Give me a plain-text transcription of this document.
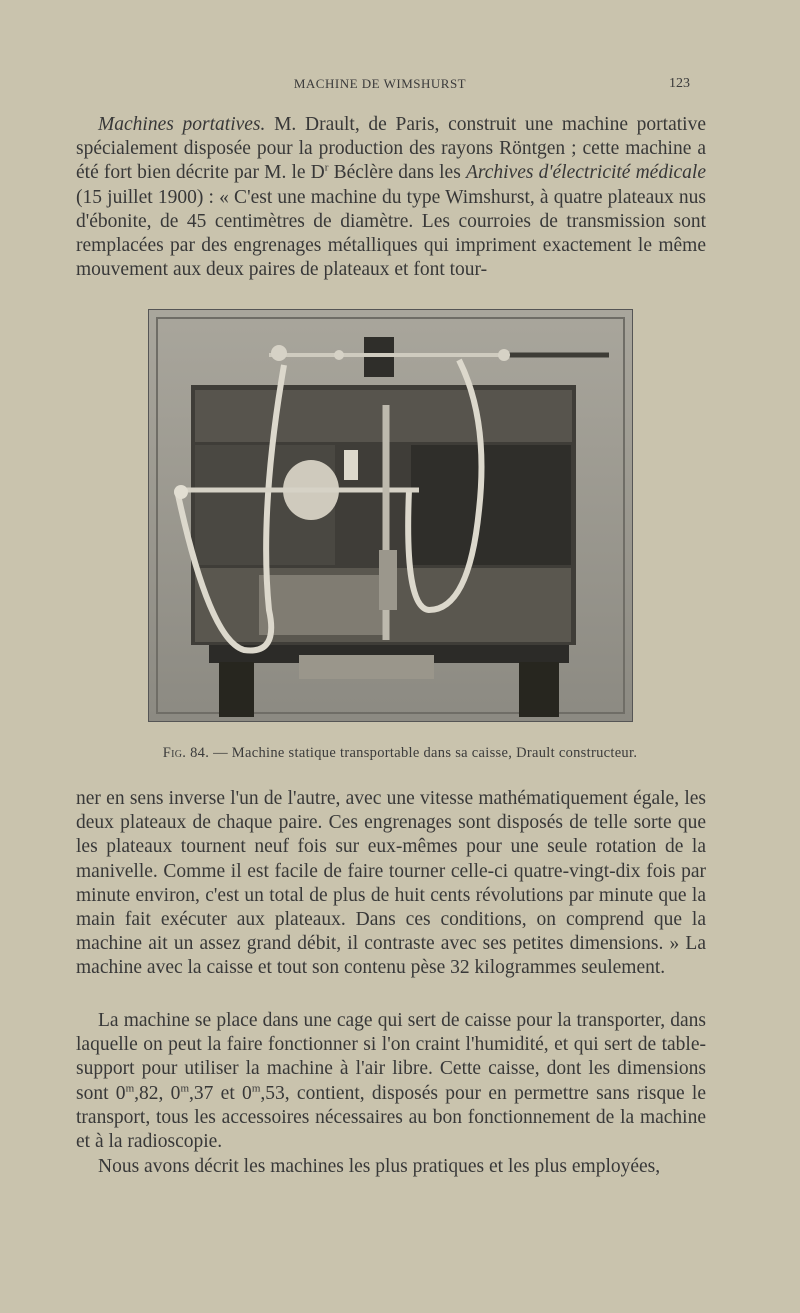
MACHINE DE WIMSHURST	123

Machines portatives. M. Drault, de Paris, construit une machine portative spécialement disposée pour la production des rayons Röntgen ; cette machine a été fort bien décrite par M. le $D^r$ Béclère dans les Archives d'électricité médicale (15 juillet 1900) : « C'est une machine du type Wimshurst, à quatre plateaux nus d'ébonite, de 45 centimètres de diamètre. Les courroies de transmission sont remplacées par des engrenages métalliques qui impriment exactement le même mouvement aux deux paires de plateaux et font tour-

Fig. 84. — Machine statique transportable dans sa caisse, Drault constructeur.

ner en sens inverse l'un de l'autre, avec une vitesse mathématiquement égale, les deux plateaux de chaque paire. Ces engrenages sont disposés de telle sorte que les plateaux tournent neuf fois sur eux-mêmes pour une seule rotation de la manivelle. Comme il est facile de faire tourner celle-ci quatre-vingt-dix fois par minute environ, c'est un total de plus de huit cents révolutions par minute que la main fait exécuter aux plateaux. Dans ces conditions, on comprend que la machine ait un assez grand débit, il contraste avec ses petites dimensions. » La machine avec la caisse et tout son contenu pèse 32 kilogrammes seulement.

La machine se place dans une cage qui sert de caisse pour la transporter, dans laquelle on peut la faire fonctionner si l'on craint l'humidité, et qui sert de table-support pour utiliser la machine à l'air libre. Cette caisse, dont les dimensions sont 0$^m$,82, 0$^m$,37 et 0$^m$,53, contient, disposés pour en permettre sans risque le transport, tous les accessoires nécessaires au bon fonctionnement de la machine et à la radioscopie.

Nous avons décrit les machines les plus pratiques et les plus employées,
